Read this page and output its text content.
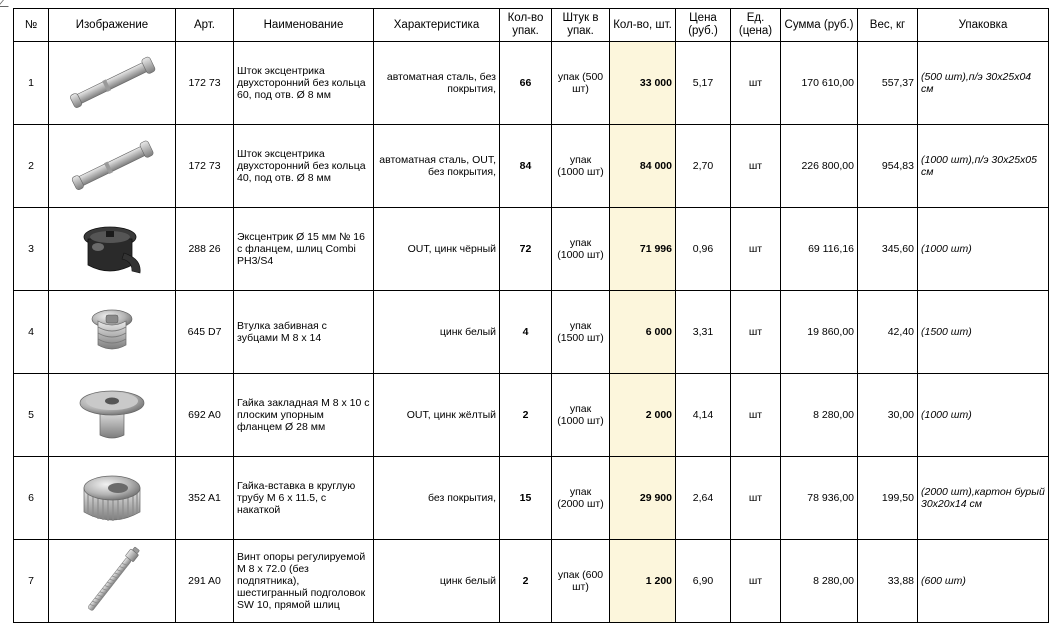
№	Изображение	Арт.	Наименование	Характеристика	Кол-во упак.	Штук в упак.	Кол-во, шт.	Цена (руб.)	Ед. (цена)	Сумма (руб.)	Вес, кг	Упаковка
1		172 73	Шток эксцентрика двухсторонний без кольца 60, под отв. Ø 8 мм	автоматная сталь, без покрытия,	66	упак (500 шт)	33 000	5,17	шт	170 610,00	557,37	(500 шт),п/э 30x25x04 см
2		172 73	Шток эксцентрика двухсторонний без кольца 40, под отв. Ø 8 мм	автоматная сталь, OUT, без покрытия,	84	упак (1000 шт)	84 000	2,70	шт	226 800,00	954,83	(1000 шт),п/э 30x25x05 см
3		288 26	Эксцентрик Ø 15 мм № 16 с фланцем, шлиц Combi PH3/S4	OUT, цинк чёрный	72	упак (1000 шт)	71 996	0,96	шт	69 116,16	345,60	(1000 шт)
4		645 D7	Втулка забивная с зубцами М 8 x 14	цинк белый	4	упак (1500 шт)	6 000	3,31	шт	19 860,00	42,40	(1500 шт)
5		692 A0	Гайка закладная М 8 x 10 с плоским упорным фланцем Ø 28 мм	OUT, цинк жёлтый	2	упак (1000 шт)	2 000	4,14	шт	8 280,00	30,00	(1000 шт)
6		352 A1	Гайка-вставка в круглую трубу М 6 x 11.5, с накаткой	без покрытия,	15	упак (2000 шт)	29 900	2,64	шт	78 936,00	199,50	(2000 шт),картон бурый 30x20x14 см
7		291 A0	Винт опоры регулируемой М 8 x 72.0 (без подпятника), шестигранный подголовок SW 10, прямой шлиц	цинк белый	2	упак (600 шт)	1 200	6,90	шт	8 280,00	33,88	(600 шт)
